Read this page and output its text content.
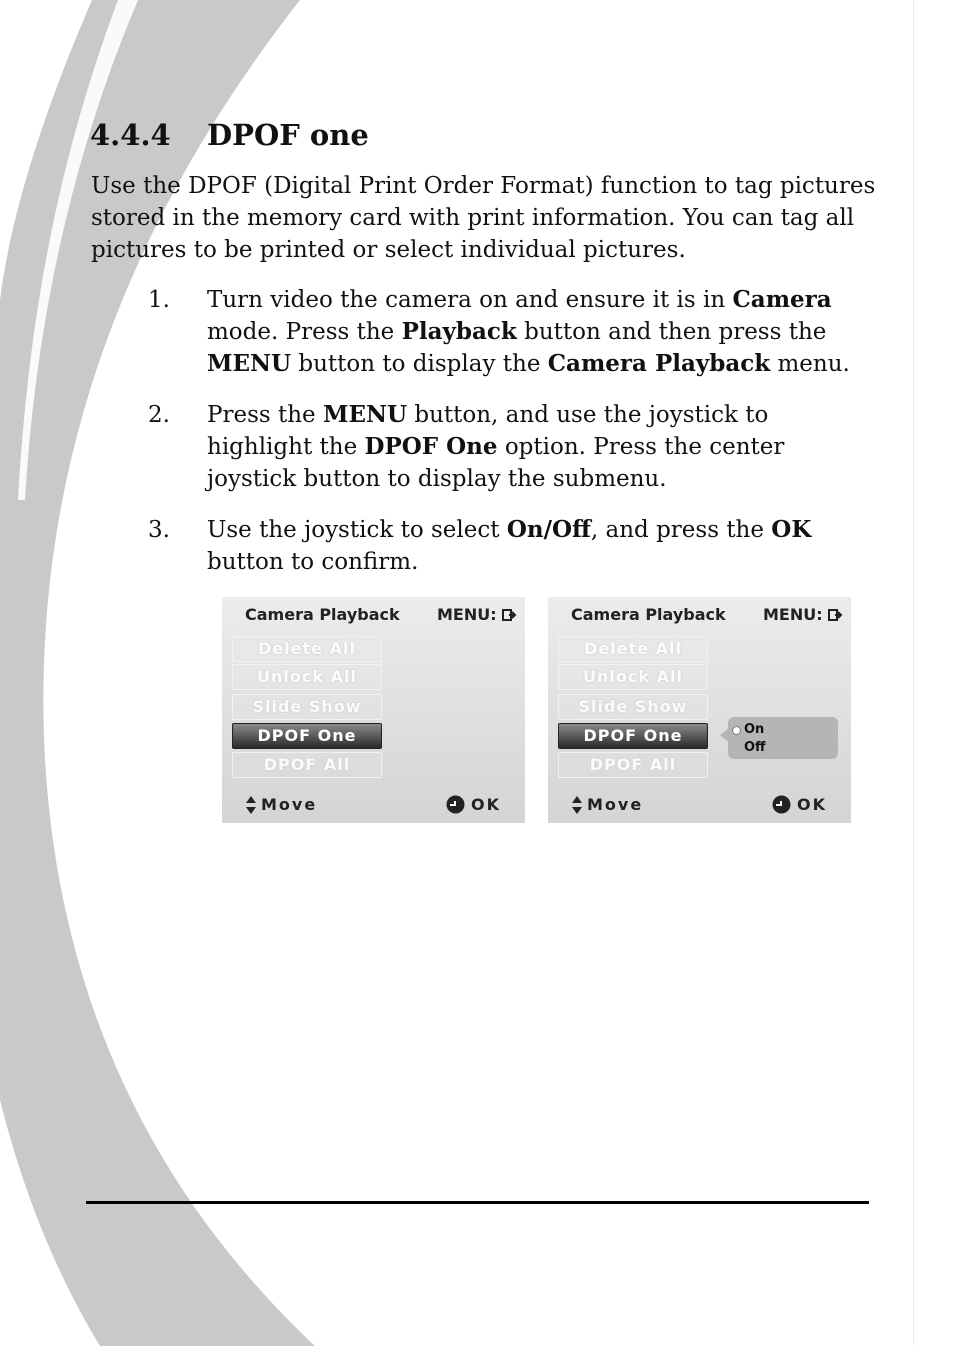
4.4.4 DPOF one
Use the DPOF (Digital Print Order Format) function to tag pictures stored in the memory card with print information. You can tag all pictures to be printed or select individual pictures.
1.	Turn video the camera on and ensure it is in Camera mode. Press the Playback button and then press the MENU button to display the Camera Playback menu.
2.	Press the MENU button, and use the joystick to highlight the DPOF One option. Press the center joystick button to display the submenu.
3.	Use the joystick to select On/Off, and press the OK button to confirm.
Camera Playback MENU:
Delete All
Unlock All
Slide Show
DPOF One
DPOF All
Move	OK
Camera Playback MENU:
Delete All
Unlock All
Slide Show
DPOF One
DPOF All
On
Off
Move	OK
